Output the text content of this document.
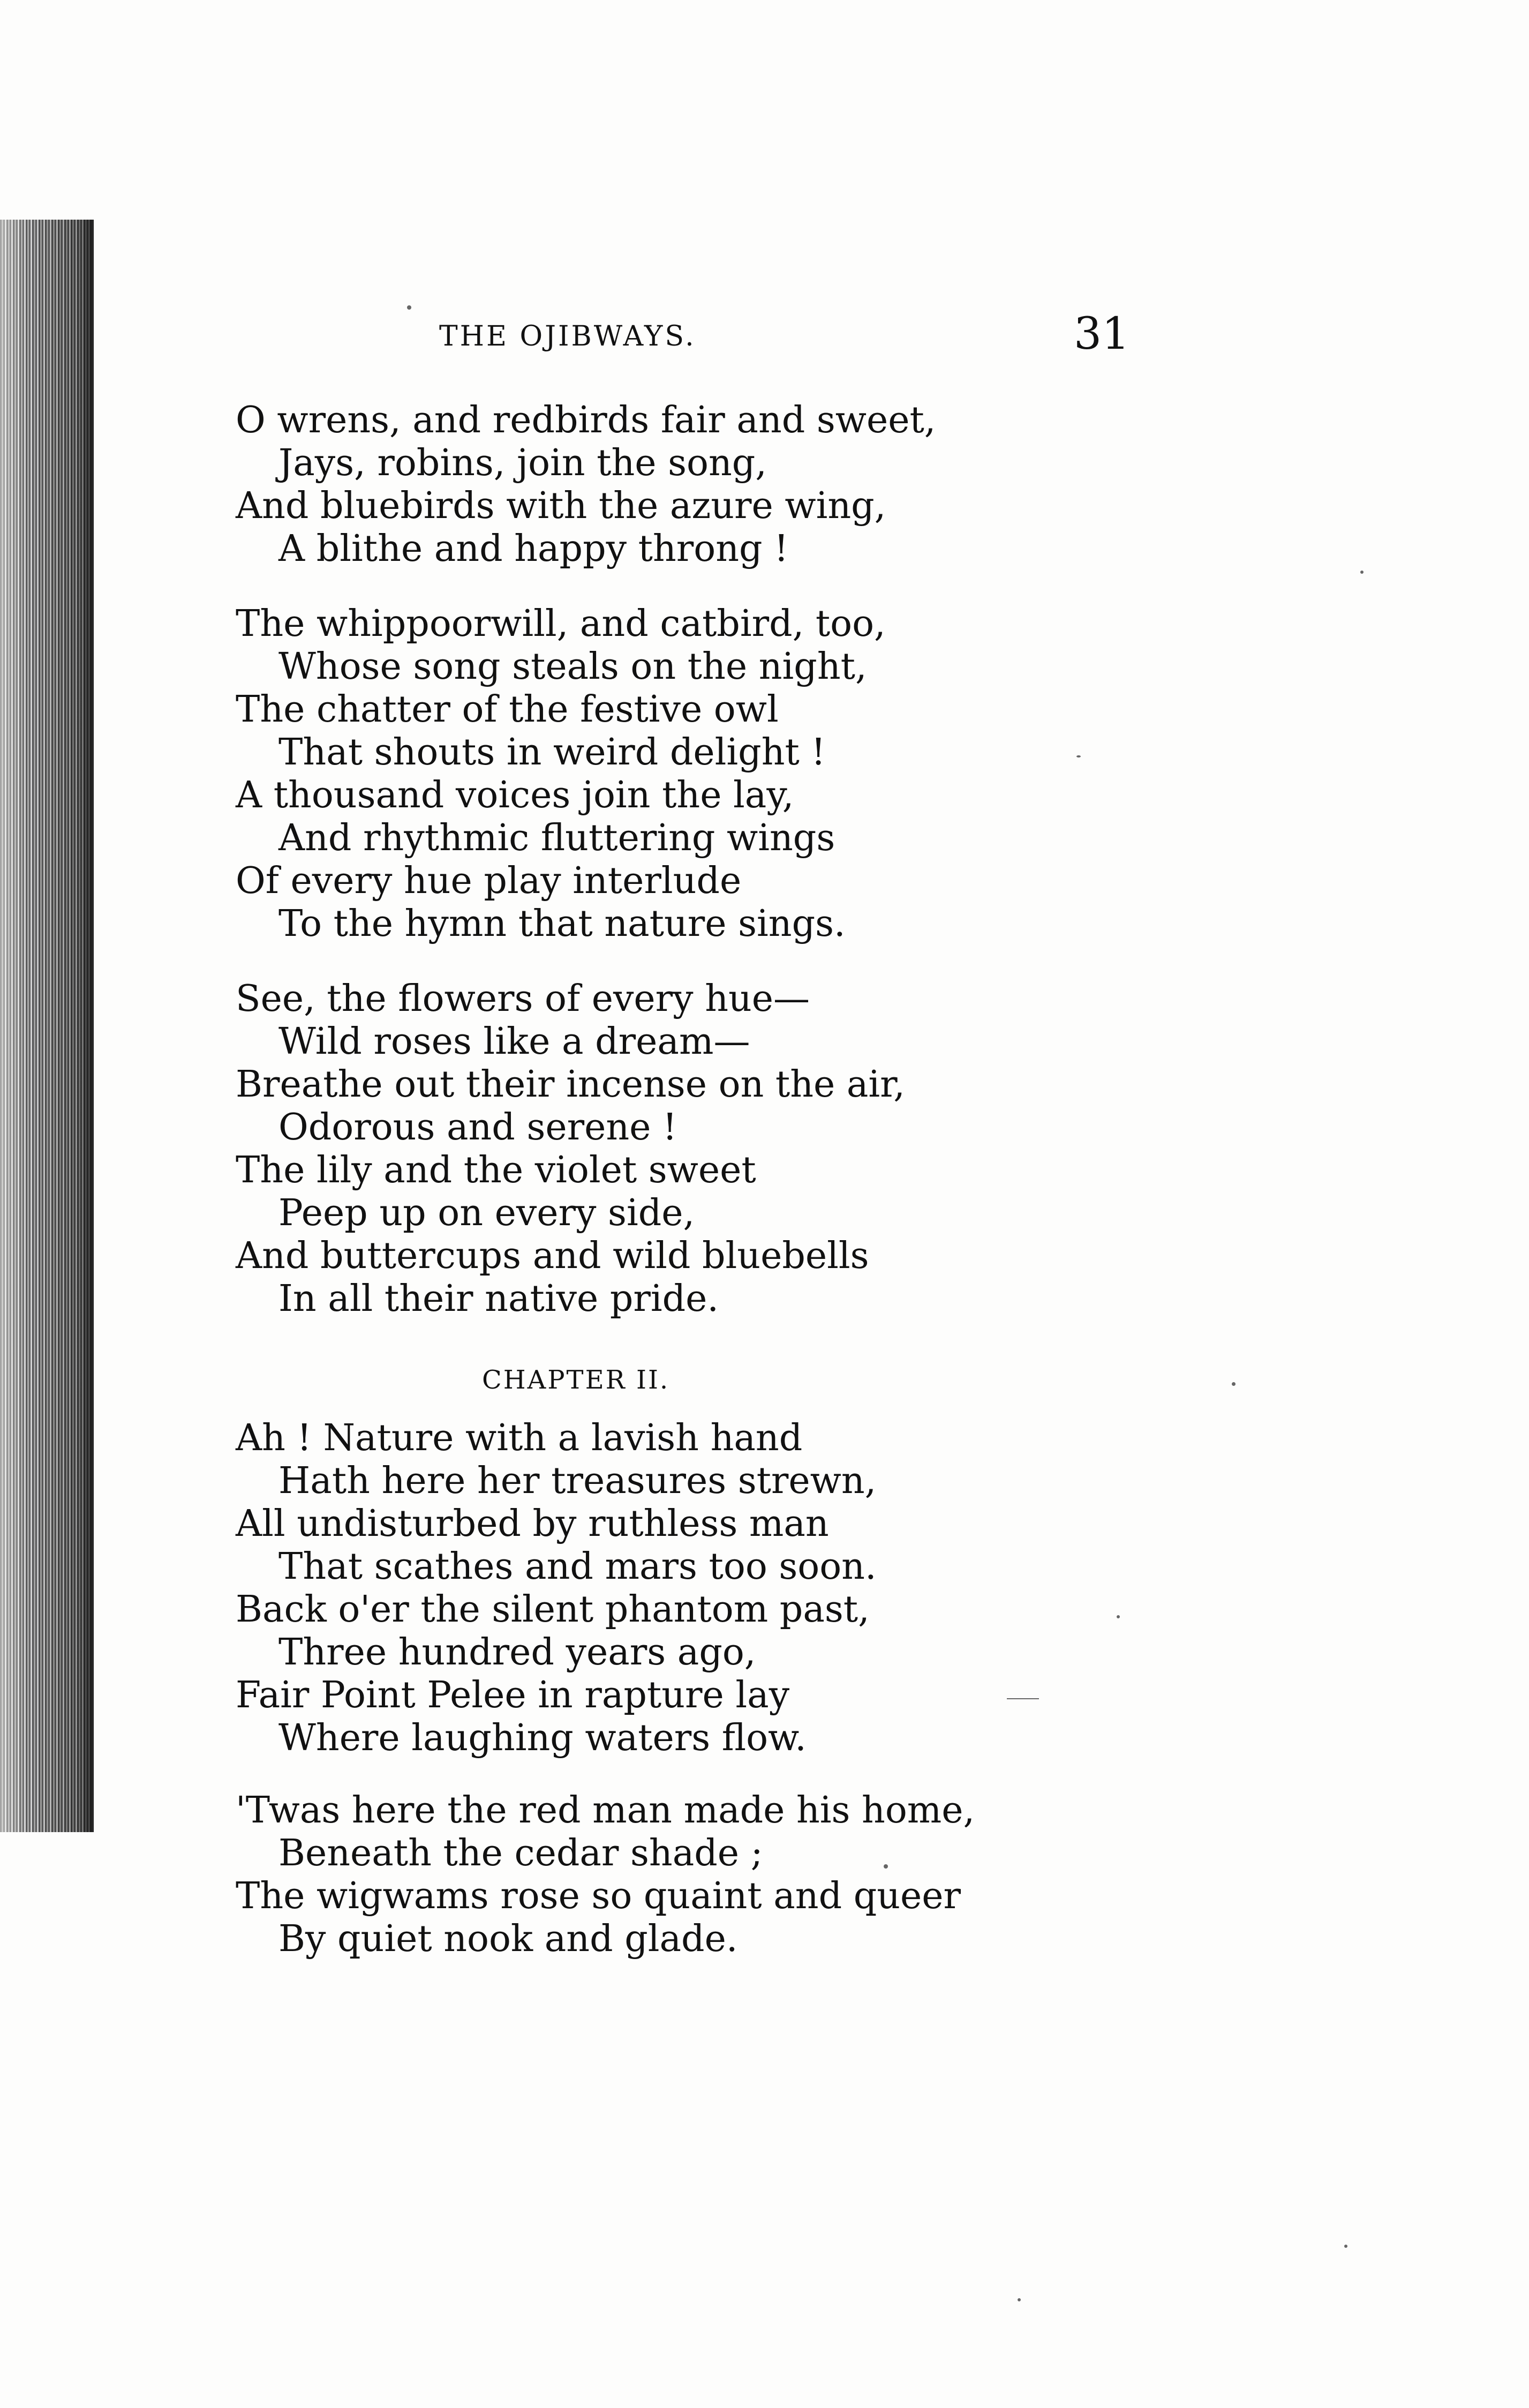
THE OJIBWAYS.	31
O wrens, and redbirds fair and sweet,
Jays, robins, join the song,
And bluebirds with the azure wing,
A blithe and happy throng !
The whippoorwill, and catbird, too,
Whose song steals on the night,
The chatter of the festive owl
That shouts in weird delight !
A thousand voices join the lay,
And rhythmic fluttering wings
Of every hue play interlude
To the hymn that nature sings.
See, the flowers of every hue—
Wild roses like a dream—
Breathe out their incense on the air,
Odorous and serene !
The lily and the violet sweet
Peep up on every side,
And buttercups and wild bluebells
In all their native pride.
CHAPTER II.
Ah ! Nature with a lavish hand
Hath here her treasures strewn,
All undisturbed by ruthless man
That scathes and mars too soon.
Back o'er the silent phantom past,
Three hundred years ago,
Fair Point Pelee in rapture lay
Where laughing waters flow.
'Twas here the red man made his home,
Beneath the cedar shade ;
The wigwams rose so quaint and queer
By quiet nook and glade.
